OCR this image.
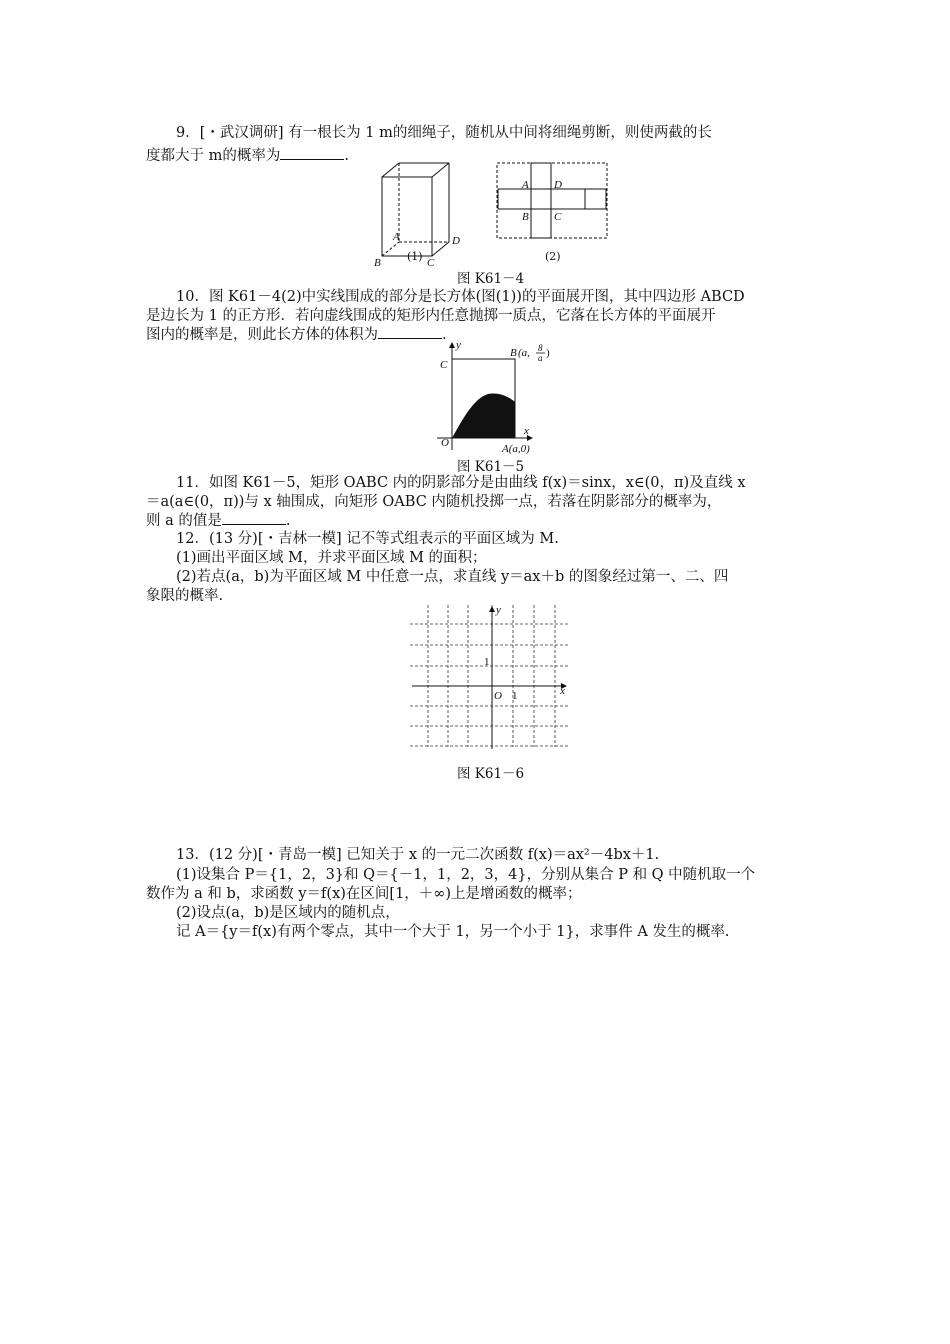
9．[・武汉调研] 有一根长为 1 m的细绳子，随机从中间将细绳剪断，则使两截的长
度都大于 m的概率为	.
A	D
B	C
(1)
A D
B C
(2)
图 K61－4
10．图 K61－4(2)中实线围成的部分是长方体(图(1))的平面展开图，其中四边形 ABCD
是边长为 1 的正方形．若向虚线围成的矩形内任意抛掷一质点，它落在长方体的平面展开
图内的概率是，则此长方体的体积为	.
y
C
O
x
A(a,0)
B (a, 8
a )
图 K61－5
11．如图 K61－5，矩形 OABC 内的阴影部分是由曲线 f(x)＝sinx，x∈(0，π)及直线 x
＝a(a∈(0，π))与 x 轴围成，向矩形 OABC 内随机投掷一点，若落在阴影部分的概率为，
则 a 的值是	.
12．(13 分)[・吉林一模] 记不等式组表示的平面区域为 M.
(1)画出平面区域 M，并求平面区域 M 的面积；
(2)若点(a，b)为平面区域 M 中任意一点，求直线 y＝ax＋b 的图象经过第一、二、四
象限的概率.
y
x
1
1
O
图 K61－6
13．(12 分)[・青岛一模] 已知关于 x 的一元二次函数 f(x)＝ax²－4bx＋1.
(1)设集合 P＝{1，2，3}和 Q＝{－1，1，2，3，4}，分别从集合 P 和 Q 中随机取一个
数作为 a 和 b，求函数 y＝f(x)在区间[1，＋∞)上是增函数的概率；
(2)设点(a，b)是区域内的随机点，
记 A＝{y＝f(x)有两个零点，其中一个大于 1，另一个小于 1}，求事件 A 发生的概率.
